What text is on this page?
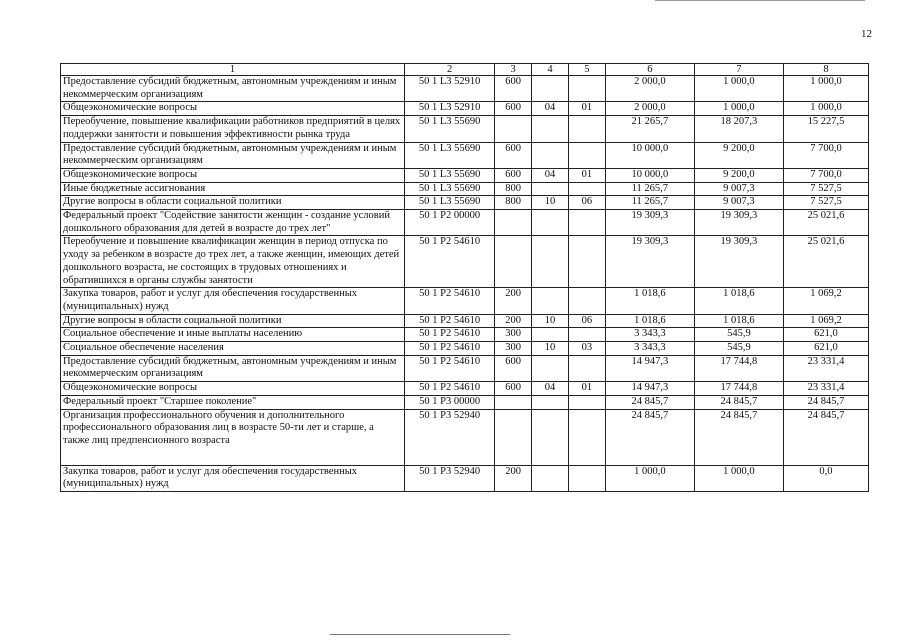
12
1	2	3	4	5	6	7	8
Предоставление субсидий бюджетным, автономным учреждениям и иным некоммерческим организациям	50 1 L3 52910	600			2 000,0	1 000,0	1 000,0
Общеэкономические вопросы	50 1 L3 52910	600	04	01	2 000,0	1 000,0	1 000,0
Переобучение, повышение квалификации работников предприятий в целях поддержки занятости и повышения эффективности рынка труда	50 1 L3 55690				21 265,7	18 207,3	15 227,5
Предоставление субсидий бюджетным, автономным учреждениям и иным некоммерческим организациям	50 1 L3 55690	600			10 000,0	9 200,0	7 700,0
Общеэкономические вопросы	50 1 L3 55690	600	04	01	10 000,0	9 200,0	7 700,0
Иные бюджетные ассигнования	50 1 L3 55690	800			11 265,7	9 007,3	7 527,5
Другие вопросы в области социальной политики	50 1 L3 55690	800	10	06	11 265,7	9 007,3	7 527,5
Федеральный проект "Содействие занятости женщин - создание условий дошкольного образования для детей в возрасте до трех лет"	50 1 P2 00000				19 309,3	19 309,3	25 021,6
Переобучение и повышение квалификации женщин в период отпуска по уходу за ребенком в возрасте до трех лет, а также женщин, имеющих детей дошкольного возраста, не состоящих в трудовых отношениях и обратившихся в органы службы занятости	50 1 P2 54610				19 309,3	19 309,3	25 021,6
Закупка товаров, работ и услуг для обеспечения государственных (муниципальных) нужд	50 1 P2 54610	200			1 018,6	1 018,6	1 069,2
Другие вопросы в области социальной политики	50 1 P2 54610	200	10	06	1 018,6	1 018,6	1 069,2
Социальное обеспечение и иные выплаты населению	50 1 P2 54610	300			3 343,3	545,9	621,0
Социальное обеспечение населения	50 1 P2 54610	300	10	03	3 343,3	545,9	621,0
Предоставление субсидий бюджетным, автономным учреждениям и иным некоммерческим организациям	50 1 P2 54610	600			14 947,3	17 744,8	23 331,4
Общеэкономические вопросы	50 1 P2 54610	600	04	01	14 947,3	17 744,8	23 331,4
Федеральный проект "Старшее поколение"	50 1 P3 00000				24 845,7	24 845,7	24 845,7
Организация профессионального обучения и дополнительного профессионального образования лиц в возрасте 50-ти лет и старше, а также лиц предпенсионного возраста	50 1 P3 52940				24 845,7	24 845,7	24 845,7
Закупка товаров, работ и услуг для обеспечения государственных (муниципальных) нужд	50 1 P3 52940	200			1 000,0	1 000,0	0,0
